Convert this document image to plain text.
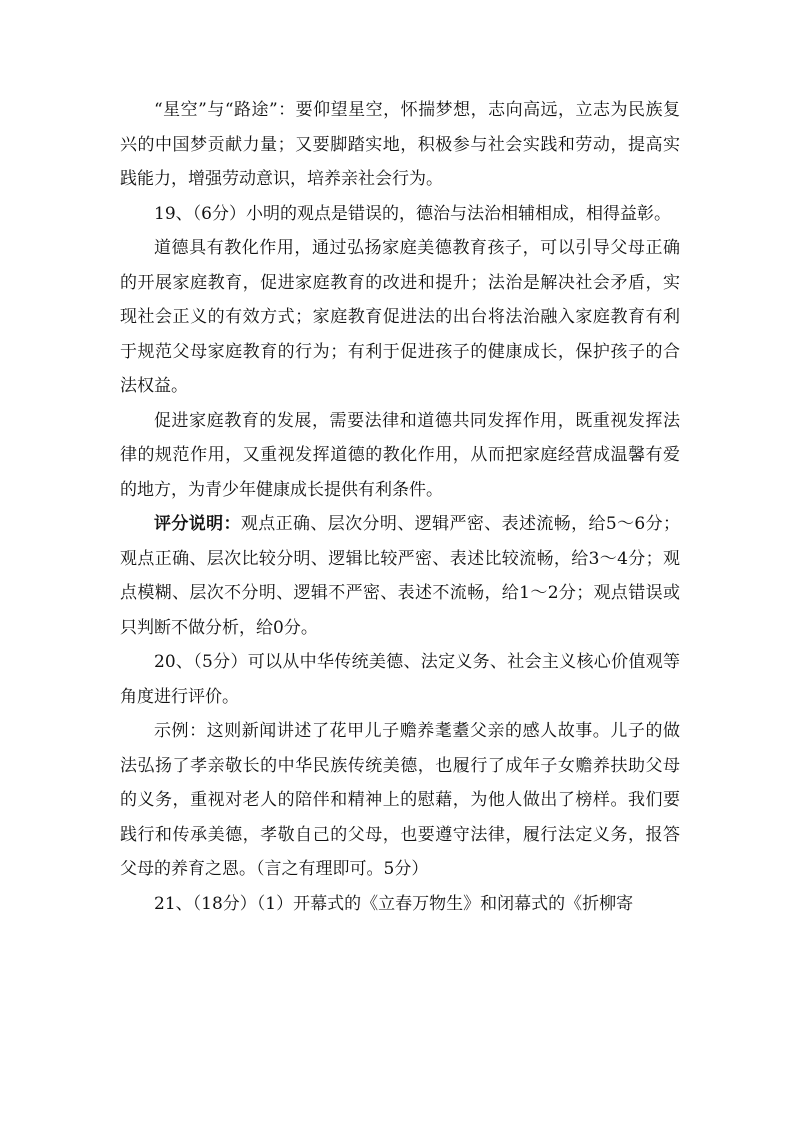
“星空”与“路途”：要仰望星空，怀揣梦想，志向高远，立志为民族复兴的中国梦贡献力量；又要脚踏实地，积极参与社会实践和劳动，提高实践能力，增强劳动意识，培养亲社会行为。

19、（6分）小明的观点是错误的，德治与法治相辅相成，相得益彰。

道德具有教化作用，通过弘扬家庭美德教育孩子，可以引导父母正确的开展家庭教育，促进家庭教育的改进和提升；法治是解决社会矛盾，实现社会正义的有效方式；家庭教育促进法的出台将法治融入家庭教育有利于规范父母家庭教育的行为；有利于促进孩子的健康成长，保护孩子的合法权益。

促进家庭教育的发展，需要法律和道德共同发挥作用，既重视发挥法律的规范作用，又重视发挥道德的教化作用，从而把家庭经营成温馨有爱的地方，为青少年健康成长提供有利条件。

评分说明：观点正确、层次分明、逻辑严密、表述流畅，给5～6分；观点正确、层次比较分明、逻辑比较严密、表述比较流畅，给3～4分；观点模糊、层次不分明、逻辑不严密、表述不流畅，给1～2分；观点错误或只判断不做分析，给0分。

20、（5分）可以从中华传统美德、法定义务、社会主义核心价值观等角度进行评价。

示例：这则新闻讲述了花甲儿子赡养耄耋父亲的感人故事。儿子的做法弘扬了孝亲敬长的中华民族传统美德，也履行了成年子女赡养扶助父母的义务，重视对老人的陪伴和精神上的慰藉，为他人做出了榜样。我们要践行和传承美德，孝敬自己的父母，也要遵守法律，履行法定义务，报答父母的养育之恩。（言之有理即可。5分）

21、（18分）（1）开幕式的《立春万物生》和闭幕式的《折柳寄
